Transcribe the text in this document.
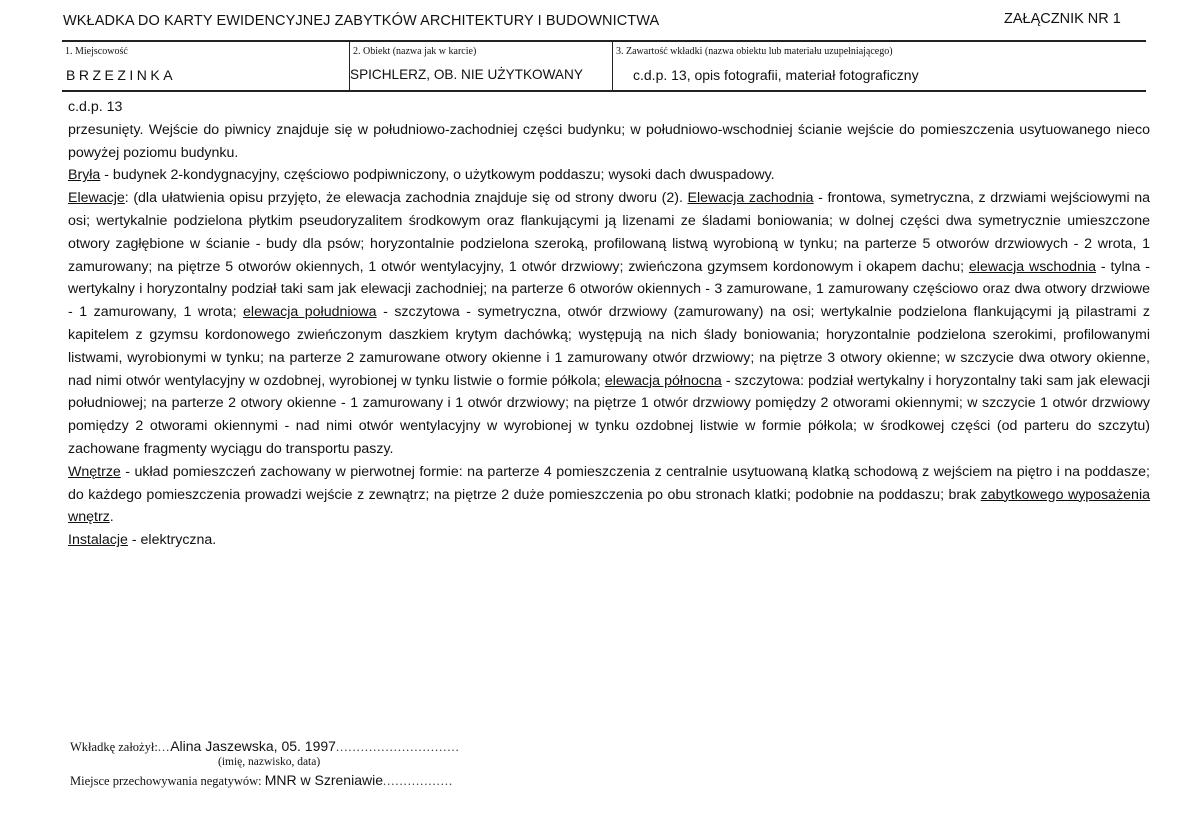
WKŁADKA DO KARTY EWIDENCYJNEJ ZABYTKÓW ARCHITEKTURY I BUDOWNICTWA	ZAŁĄCZNIK NR 1
1. Miejscowość
BRZEZINKA
2. Obiekt (nazwa jak w karcie)
SPICHLERZ, OB. NIE UŻYTKOWANY
3. Zawartość wkładki (nazwa obiektu lub materiału uzupełniającego)
c.d.p. 13, opis fotografii, materiał fotograficzny

c.d.p. 13

przesunięty. Wejście do piwnicy znajduje się w południowo-zachodniej części budynku; w południowo-wschodniej ścianie wejście do pomieszczenia usytuowanego nieco powyżej poziomu budynku.

Bryła - budynek 2-kondygnacyjny, częściowo podpiwniczony, o użytkowym poddaszu; wysoki dach dwuspadowy.

Elewacje: (dla ułatwienia opisu przyjęto, że elewacja zachodnia znajduje się od strony dworu (2). Elewacja zachodnia - frontowa, symetryczna, z drzwiami wejściowymi na osi; wertykalnie podzielona płytkim pseudoryzalitem środkowym oraz flankującymi ją lizenami ze śladami boniowania; w dolnej części dwa symetrycznie umieszczone otwory zagłębione w ścianie - budy dla psów; horyzontalnie podzielona szeroką, profilowaną listwą wyrobioną w tynku; na parterze 5 otworów drzwiowych - 2 wrota, 1 zamurowany; na piętrze 5 otworów okiennych, 1 otwór wentylacyjny, 1 otwór drzwiowy; zwieńczona gzymsem kordonowym i okapem dachu; elewacja wschodnia - tylna - wertykalny i horyzontalny podział taki sam jak elewacji zachodniej; na parterze 6 otworów okiennych - 3 zamurowane, 1 zamurowany częściowo oraz dwa otwory drzwiowe - 1 zamurowany, 1 wrota; elewacja południowa - szczytowa - symetryczna, otwór drzwiowy (zamurowany) na osi; wertykalnie podzielona flankującymi ją pilastrami z kapitelem z gzymsu kordonowego zwieńczonym daszkiem krytym dachówką; występują na nich ślady boniowania; horyzontalnie podzielona szerokimi, profilowanymi listwami, wyrobionymi w tynku; na parterze 2 zamurowane otwory okienne i 1 zamurowany otwór drzwiowy; na piętrze 3 otwory okienne; w szczycie dwa otwory okienne, nad nimi otwór wentylacyjny w ozdobnej, wyrobionej w tynku listwie o formie półkola; elewacja północna - szczytowa: podział wertykalny i horyzontalny taki sam jak elewacji południowej; na parterze 2 otwory okienne - 1 zamurowany i 1 otwór drzwiowy; na piętrze 1 otwór drzwiowy pomiędzy 2 otworami okiennymi; w szczycie 1 otwór drzwiowy pomiędzy 2 otworami okiennymi - nad nimi otwór wentylacyjny w wyrobionej w tynku ozdobnej listwie w formie półkola; w środkowej części (od parteru do szczytu) zachowane fragmenty wyciągu do transportu paszy.

Wnętrze - układ pomieszczeń zachowany w pierwotnej formie: na parterze 4 pomieszczenia z centralnie usytuowaną klatką schodową z wejściem na piętro i na poddasze; do każdego pomieszczenia prowadzi wejście z zewnątrz; na piętrze 2 duże pomieszczenia po obu stronach klatki; podobnie na poddaszu; brak zabytkowego wyposażenia wnętrz.

Instalacje - elektryczna.

Wkładkę założył:...Alina Jaszewska, 05. 1997..............................
(imię, nazwisko, data)
Miejsce przechowywania negatywów: MNR w Szreniawie.................
